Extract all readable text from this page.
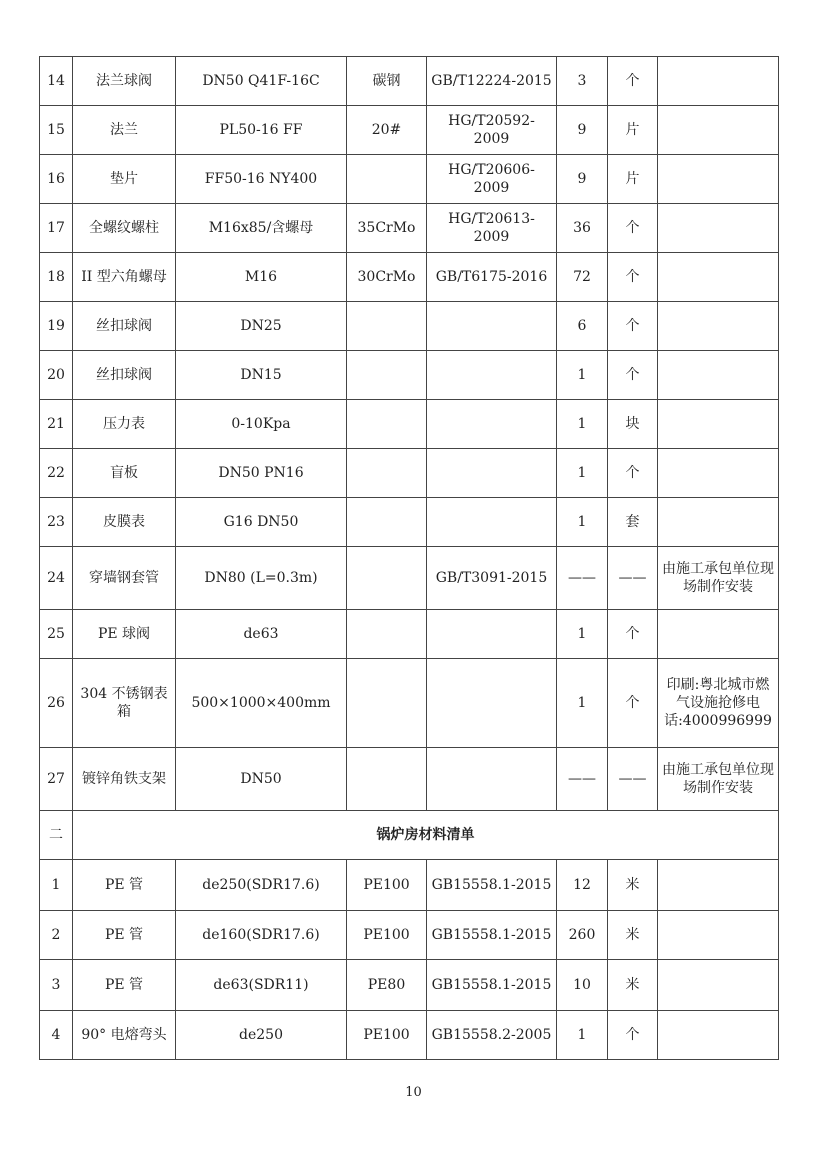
14	法兰球阀	DN50 Q41F-16C	碳钢	GB/T12224-2015	3	个	
15	法兰	PL50-16 FF	20#	HG/T20592-2009	9	片	
16	垫片	FF50-16 NY400		HG/T20606-2009	9	片	
17	全螺纹螺柱	M16x85/含螺母	35CrMo	HG/T20613-2009	36	个	
18	II 型六角螺母	M16	30CrMo	GB/T6175-2016	72	个	
19	丝扣球阀	DN25			6	个	
20	丝扣球阀	DN15			1	个	
21	压力表	0-10Kpa			1	块	
22	盲板	DN50 PN16			1	个	
23	皮膜表	G16 DN50			1	套	
24	穿墙钢套管	DN80 (L=0.3m)		GB/T3091-2015	——	——	由施工承包单位现场制作安装
25	PE 球阀	de63			1	个	
26	304 不锈钢表箱	500×1000×400mm			1	个	印刷:粤北城市燃气设施抢修电话:4000996999
27	镀锌角铁支架	DN50			——	——	由施工承包单位现场制作安装
二	锅炉房材料清单						
1	PE 管	de250(SDR17.6)	PE100	GB15558.1-2015	12	米	
2	PE 管	de160(SDR17.6)	PE100	GB15558.1-2015	260	米	
3	PE 管	de63(SDR11)	PE80	GB15558.1-2015	10	米	
4	90° 电熔弯头	de250	PE100	GB15558.2-2005	1	个	
10
